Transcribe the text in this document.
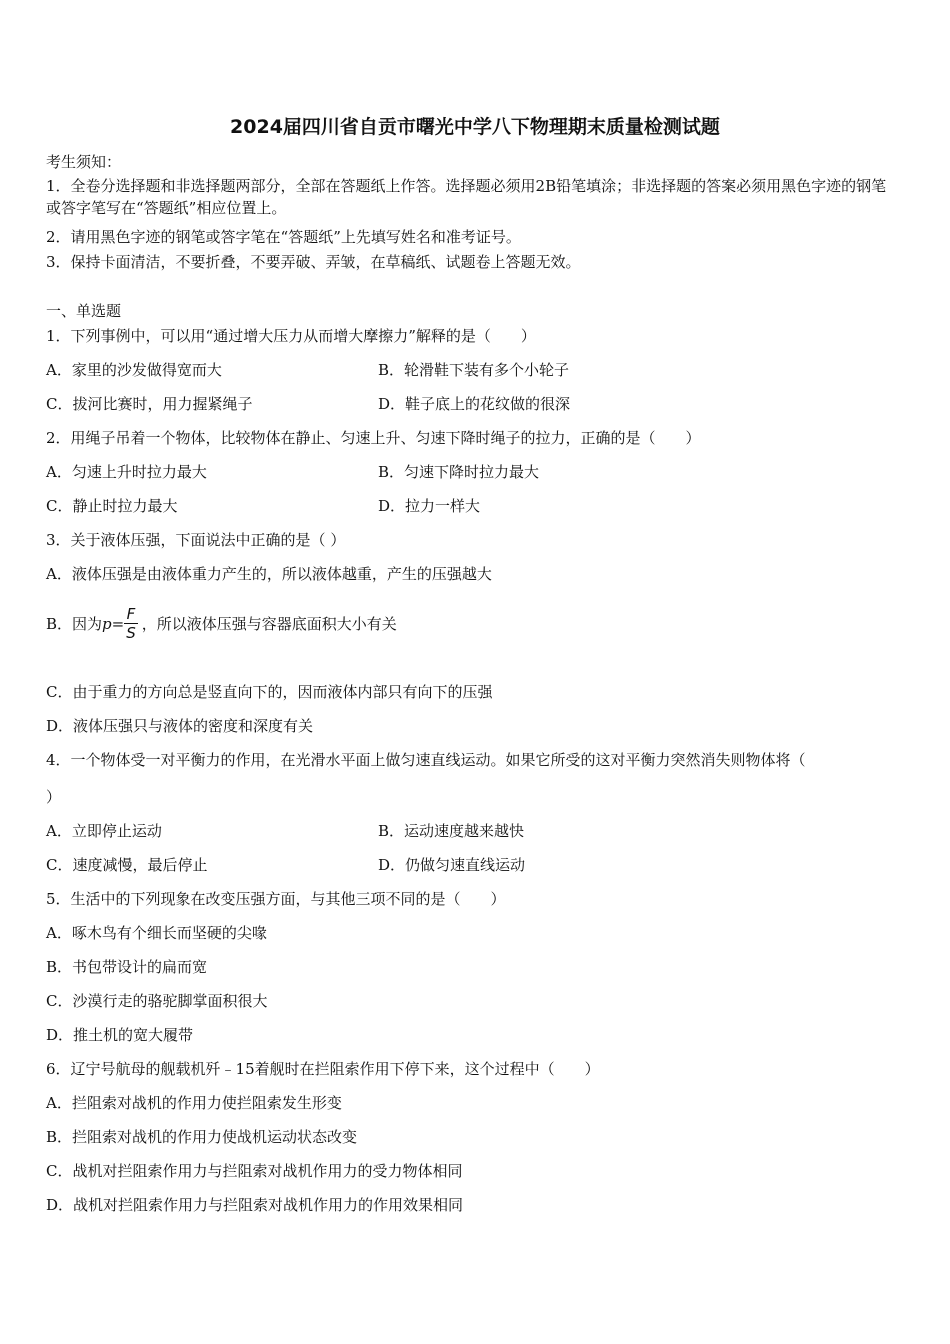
2024届四川省自贡市曙光中学八下物理期末质量检测试题
考生须知：
1．全卷分选择题和非选择题两部分，全部在答题纸上作答。选择题必须用2B铅笔填涂；非选择题的答案必须用黑色字迹的钢笔或答字笔写在“答题纸”相应位置上。
2．请用黑色字迹的钢笔或答字笔在“答题纸”上先填写姓名和准考证号。
3．保持卡面清洁，不要折叠，不要弄破、弄皱，在草稿纸、试题卷上答题无效。
一、单选题
1．下列事例中，可以用“通过增大压力从而增大摩擦力”解释的是（　　）
A．家里的沙发做得宽而大	B．轮滑鞋下装有多个小轮子
C．拔河比赛时，用力握紧绳子	D．鞋子底上的花纹做的很深
2．用绳子吊着一个物体，比较物体在静止、匀速上升、匀速下降时绳子的拉力，正确的是（　　）
A．匀速上升时拉力最大	B．匀速下降时拉力最大
C．静止时拉力最大	D．拉力一样大
3．关于液体压强，下面说法中正确的是（ ）
A．液体压强是由液体重力产生的，所以液体越重，产生的压强越大
B．因为$p= \frac{F}{S}$ ，所以液体压强与容器底面积大小有关
C．由于重力的方向总是竖直向下的，因而液体内部只有向下的压强
D．液体压强只与液体的密度和深度有关
4．一个物体受一对平衡力的作用，在光滑水平面上做匀速直线运动。如果它所受的这对平衡力突然消失则物体将（
）
A．立即停止运动	B．运动速度越来越快
C．速度减慢，最后停止	D．仍做匀速直线运动
5．生活中的下列现象在改变压强方面，与其他三项不同的是（　　）
A．啄木鸟有个细长而坚硬的尖喙
B．书包带设计的扁而宽
C．沙漠行走的骆驼脚掌面积很大
D．推土机的宽大履带
6．辽宁号航母的舰载机歼﹣15着舰时在拦阻索作用下停下来，这个过程中（　　）
A．拦阻索对战机的作用力使拦阻索发生形变
B．拦阻索对战机的作用力使战机运动状态改变
C．战机对拦阻索作用力与拦阻索对战机作用力的受力物体相同
D．战机对拦阻索作用力与拦阻索对战机作用力的作用效果相同
